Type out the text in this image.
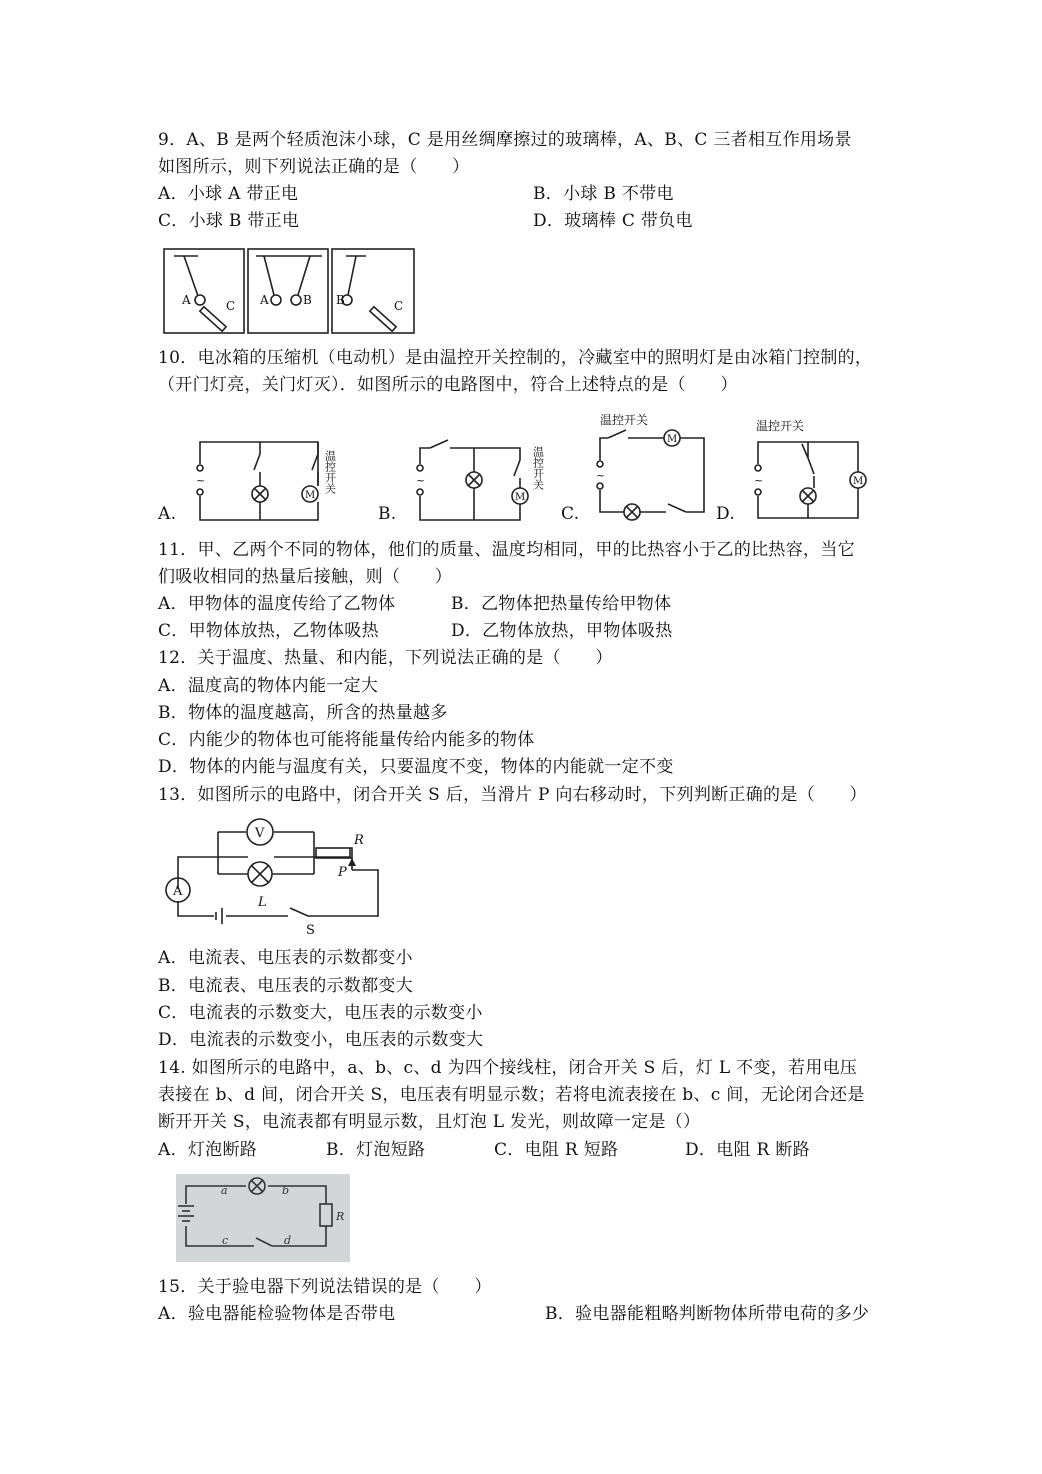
9．A、B 是两个轻质泡沫小球，C 是用丝绸摩擦过的玻璃棒，A、B、C 三者相互作用场景
如图所示，则下列说法正确的是（　　）
A．小球 A 带正电	B．小球 B 不带电
C．小球 B 带正电	D．玻璃棒 C 带负电
A	C A	B B	C
10．电冰箱的压缩机（电动机）是由温控开关控制的，冷藏室中的照明灯是由冰箱门控制的，
（开门灯亮，关门灯灭）．如图所示的电路图中，符合上述特点的是（　　）
A.	B.	C.	D.
~
M
温控开关	~
M
温控开关
温控开关
~
M
温控开关
~	M
11．甲、乙两个不同的物体，他们的质量、温度均相同，甲的比热容小于乙的比热容，当它
们吸收相同的热量后接触，则（　　）
A．甲物体的温度传给了乙物体	B．乙物体把热量传给甲物体
C．甲物体放热，乙物体吸热	D．乙物体放热，甲物体吸热
12．关于温度、热量、和内能，下列说法正确的是（　　）
A．温度高的物体内能一定大
B．物体的温度越高，所含的热量越多
C．内能少的物体也可能将能量传给内能多的物体
D．物体的内能与温度有关，只要温度不变，物体的内能就一定不变
13．如图所示的电路中，闭合开关 S 后，当滑片 P 向右移动时，下列判断正确的是（　　）
V
A
R
P
L
S
A．电流表、电压表的示数都变小
B．电流表、电压表的示数都变大
C．电流表的示数变大，电压表的示数变小
D．电流表的示数变小，电压表的示数变大
14. 如图所示的电路中，a、b、c、d 为四个接线柱，闭合开关 S 后，灯 L 不变，若用电压
表接在 b、d 间，闭合开关 S，电压表有明显示数；若将电流表接在 b、c 间，无论闭合还是
断开开关 S，电流表都有明显示数，且灯泡 L 发光，则故障一定是（）
A．灯泡断路	B．灯泡短路	C．电阻 R 短路	D．电阻 R 断路
a	b
c	d
R
15．关于验电器下列说法错误的是（　　）
A．验电器能检验物体是否带电	B．验电器能粗略判断物体所带电荷的多少
